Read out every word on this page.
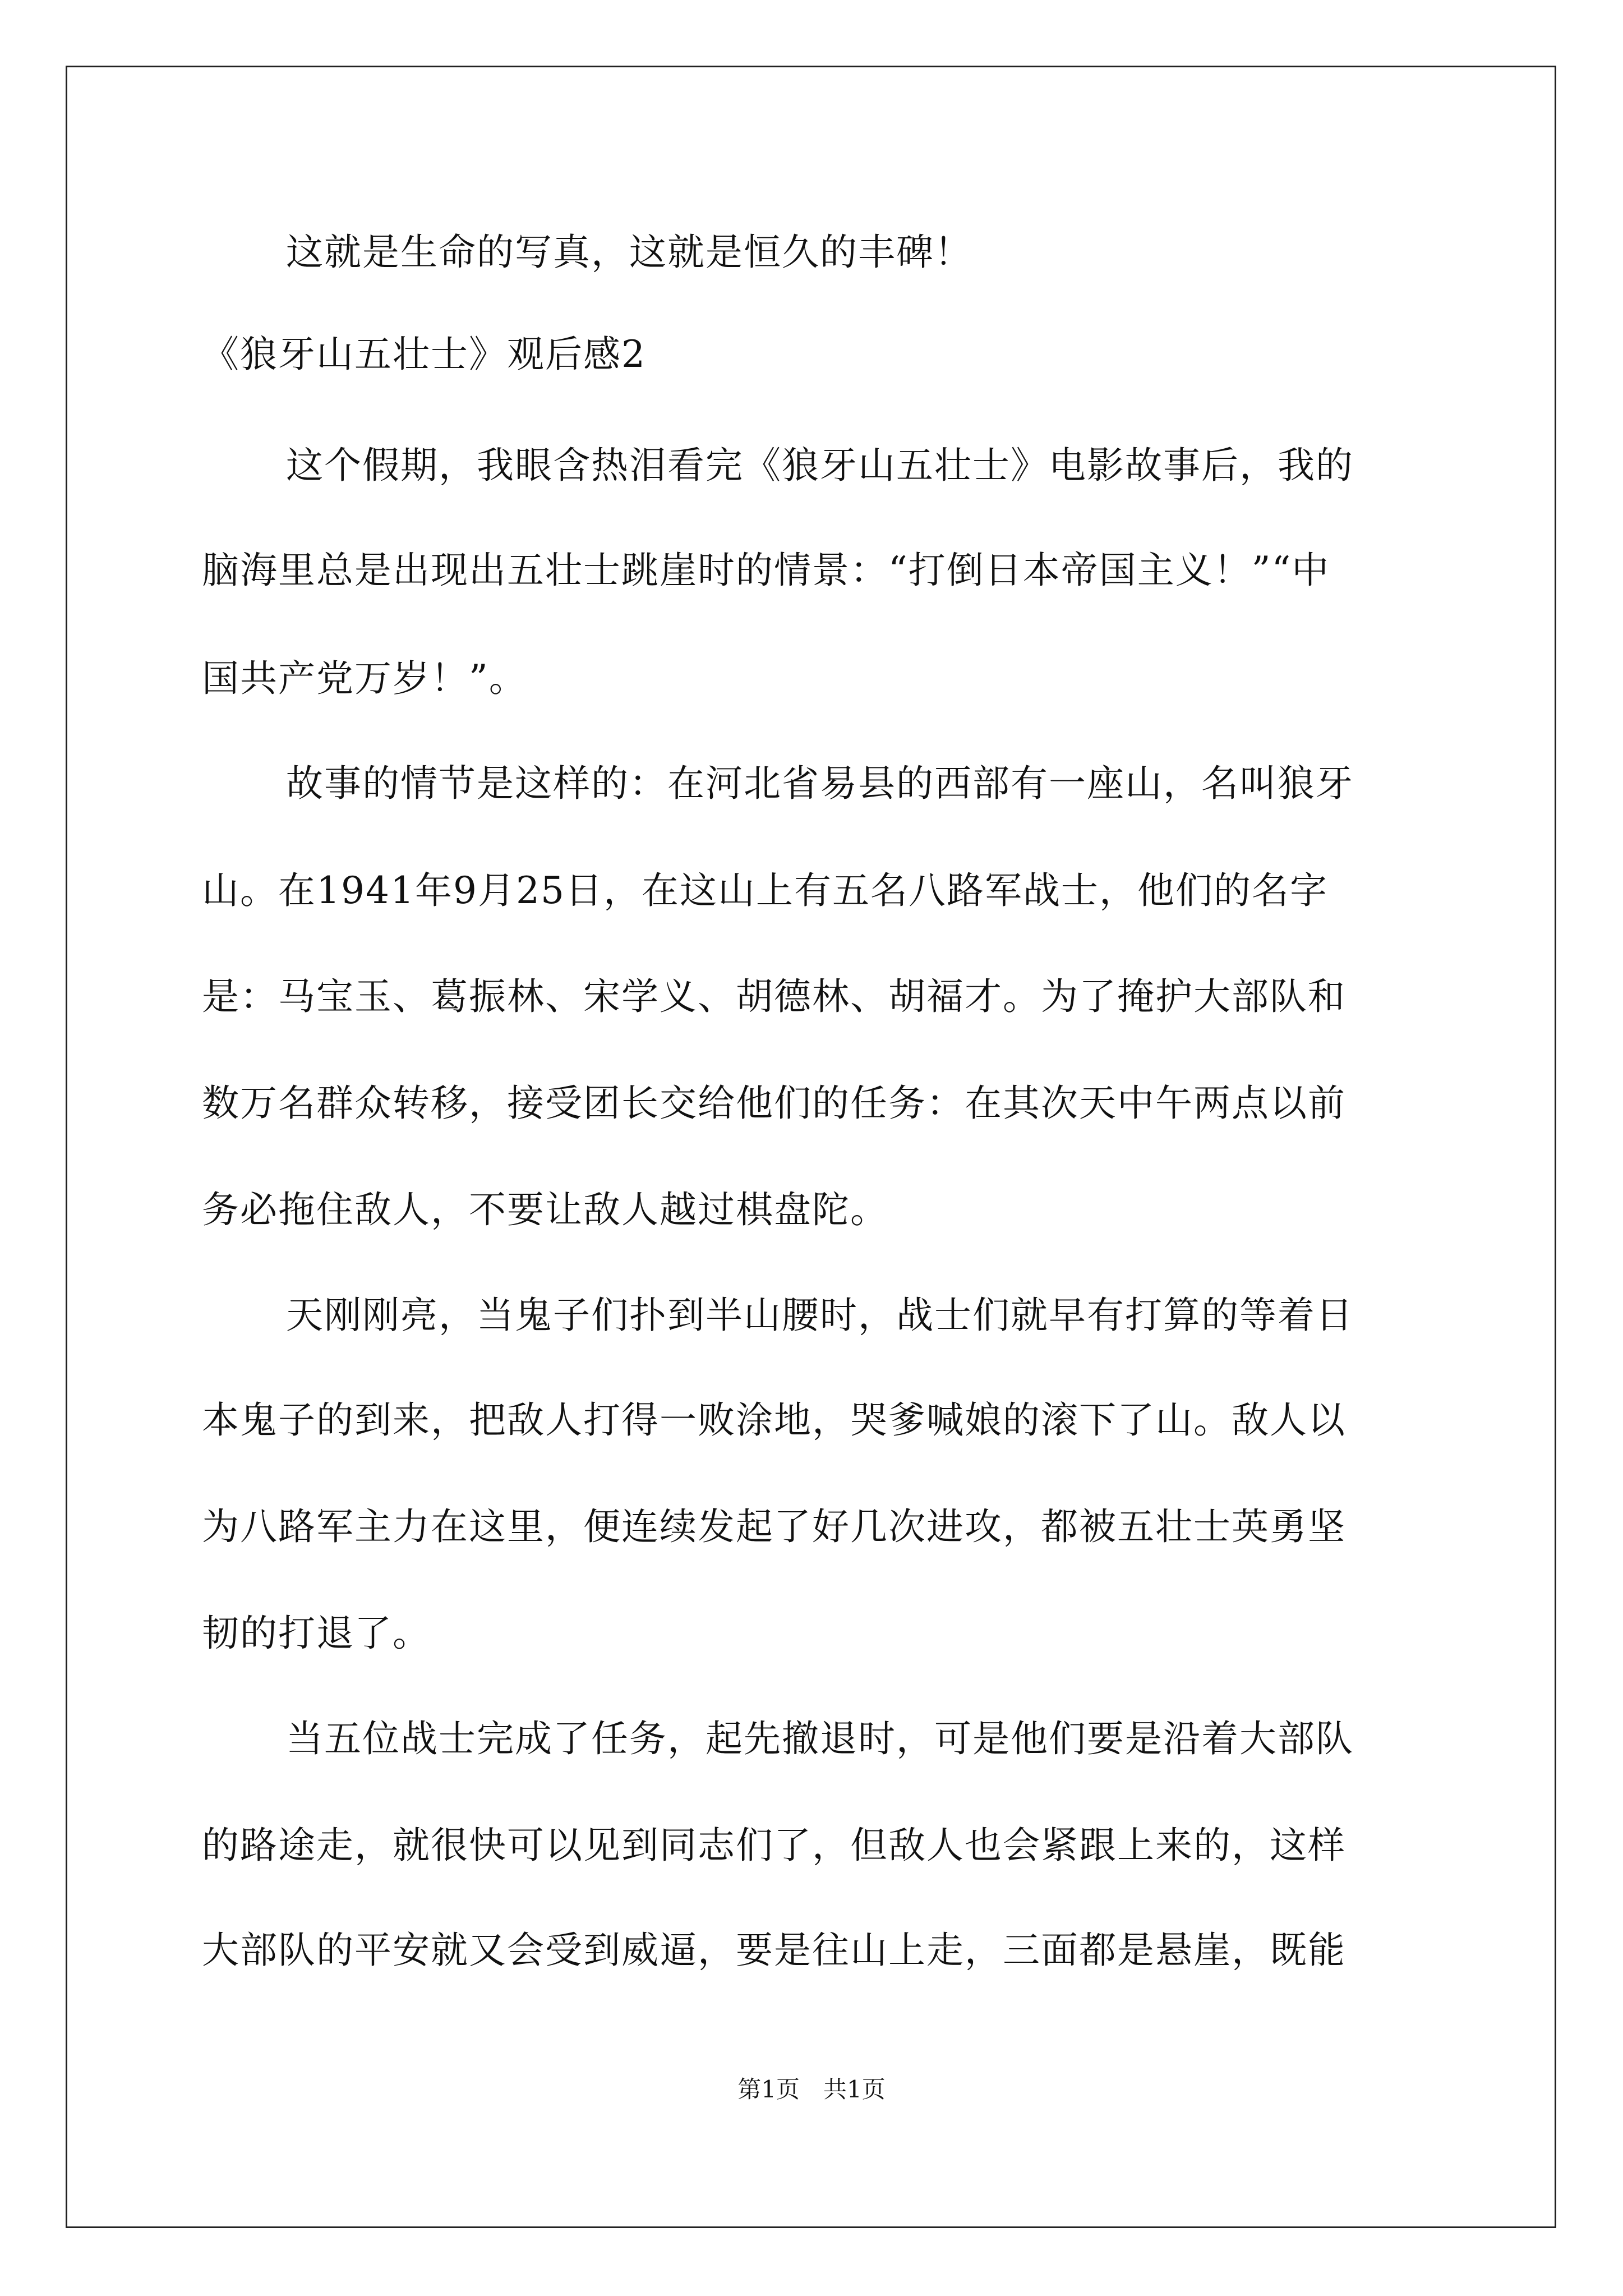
这就是生命的写真，这就是恒久的丰碑！
《狼牙山五壮士》观后感2
这个假期，我眼含热泪看完《狼牙山五壮士》电影故事后，我的
脑海里总是出现出五壮士跳崖时的情景：“打倒日本帝国主义！”“中
国共产党万岁！”。
故事的情节是这样的：在河北省易县的西部有一座山，名叫狼牙
山。在1941年9月25日，在这山上有五名八路军战士，他们的名字
是：马宝玉、葛振林、宋学义、胡德林、胡福才。为了掩护大部队和
数万名群众转移，接受团长交给他们的任务：在其次天中午两点以前
务必拖住敌人，不要让敌人越过棋盘陀。
天刚刚亮，当鬼子们扑到半山腰时，战士们就早有打算的等着日
本鬼子的到来，把敌人打得一败涂地，哭爹喊娘的滚下了山。敌人以
为八路军主力在这里，便连续发起了好几次进攻，都被五壮士英勇坚
韧的打退了。
当五位战士完成了任务，起先撤退时，可是他们要是沿着大部队
的路途走，就很快可以见到同志们了，但敌人也会紧跟上来的，这样
大部队的平安就又会受到威逼，要是往山上走，三面都是悬崖，既能
第1页　共1页
